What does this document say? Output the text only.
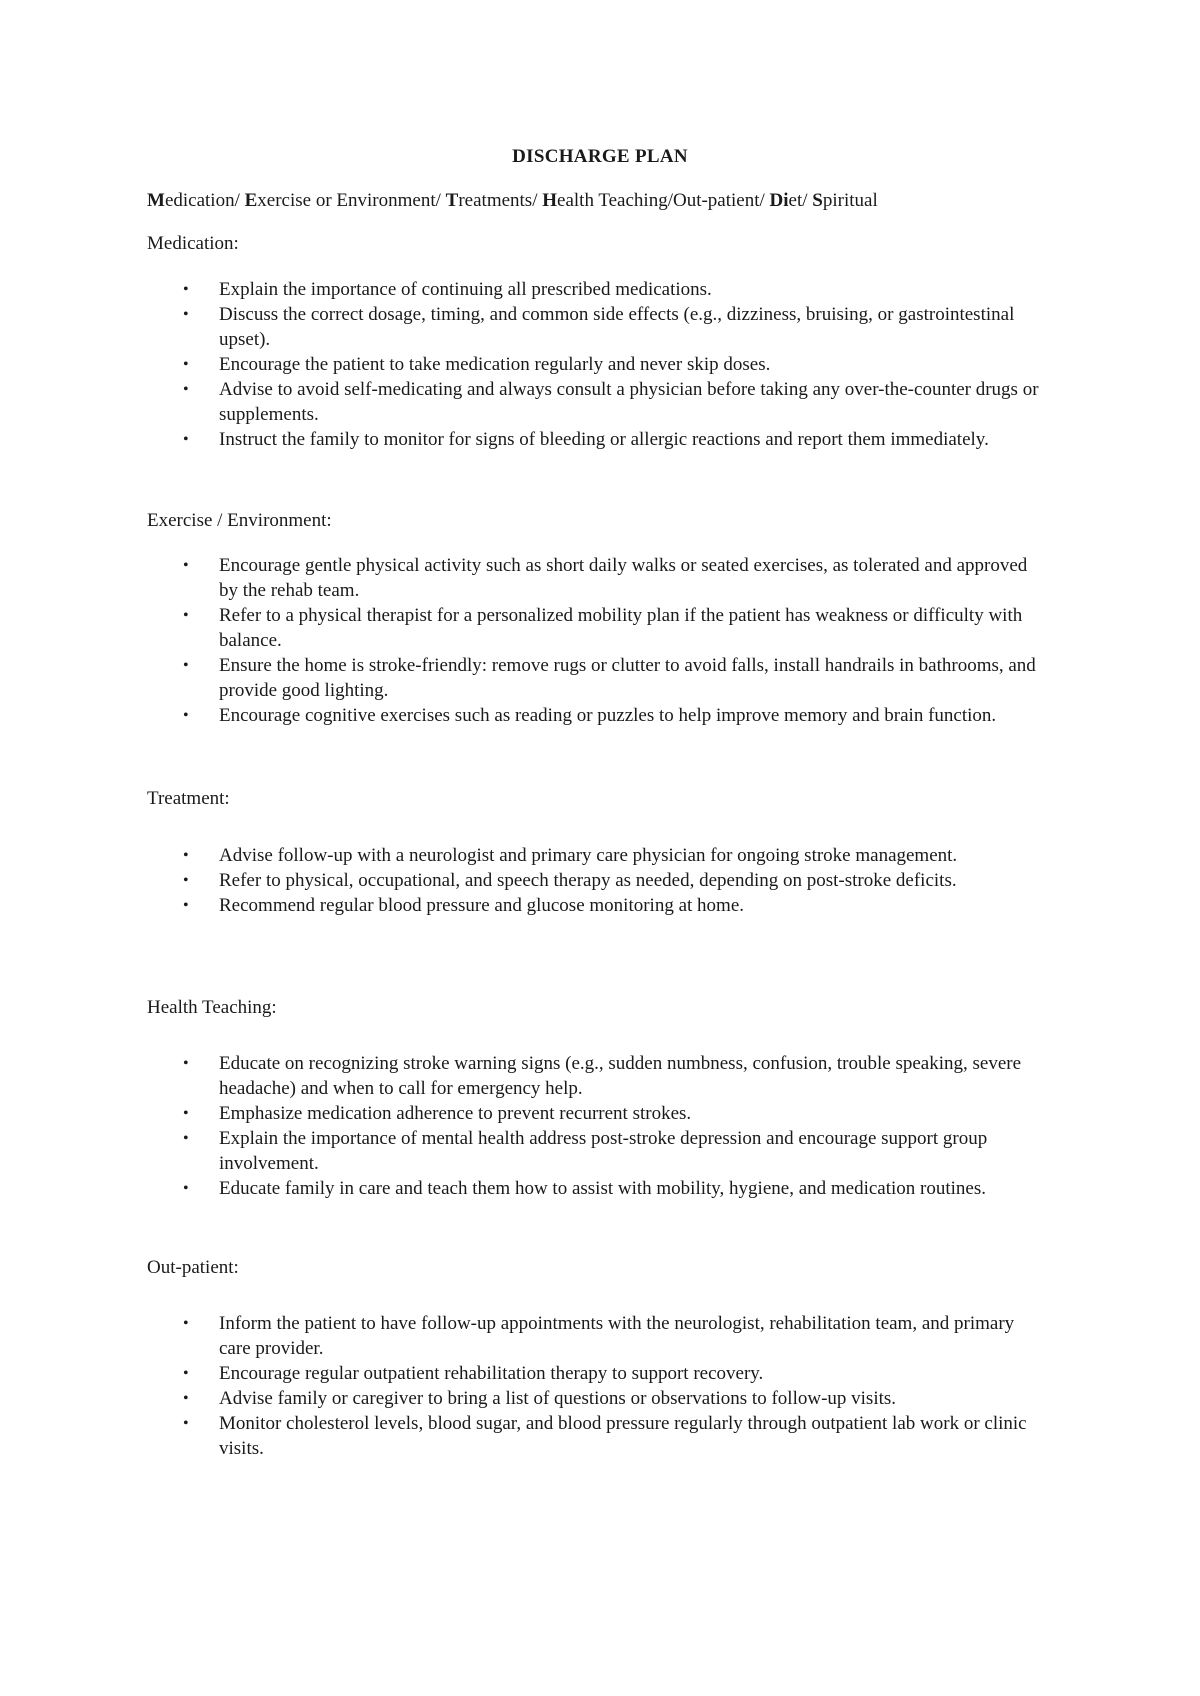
DISCHARGE PLAN
Medication/ Exercise or Environment/ Treatments/ Health Teaching/Out-patient/ Diet/ Spiritual
Medication:
• Explain the importance of continuing all prescribed medications.
• Discuss the correct dosage, timing, and common side effects (e.g., dizziness, bruising, or gastrointestinal upset).
• Encourage the patient to take medication regularly and never skip doses.
• Advise to avoid self-medicating and always consult a physician before taking any over-the-counter drugs or supplements.
• Instruct the family to monitor for signs of bleeding or allergic reactions and report them immediately.
Exercise / Environment:
• Encourage gentle physical activity such as short daily walks or seated exercises, as tolerated and approved by the rehab team.
• Refer to a physical therapist for a personalized mobility plan if the patient has weakness or difficulty with balance.
• Ensure the home is stroke-friendly: remove rugs or clutter to avoid falls, install handrails in bathrooms, and provide good lighting.
• Encourage cognitive exercises such as reading or puzzles to help improve memory and brain function.
Treatment:
• Advise follow-up with a neurologist and primary care physician for ongoing stroke management.
• Refer to physical, occupational, and speech therapy as needed, depending on post-stroke deficits.
• Recommend regular blood pressure and glucose monitoring at home.
Health Teaching:
• Educate on recognizing stroke warning signs (e.g., sudden numbness, confusion, trouble speaking, severe headache) and when to call for emergency help.
• Emphasize medication adherence to prevent recurrent strokes.
• Explain the importance of mental health address post-stroke depression and encourage support group involvement.
• Educate family in care and teach them how to assist with mobility, hygiene, and medication routines.
Out-patient:
• Inform the patient to have follow-up appointments with the neurologist, rehabilitation team, and primary care provider.
• Encourage regular outpatient rehabilitation therapy to support recovery.
• Advise family or caregiver to bring a list of questions or observations to follow-up visits.
• Monitor cholesterol levels, blood sugar, and blood pressure regularly through outpatient lab work or clinic visits.
